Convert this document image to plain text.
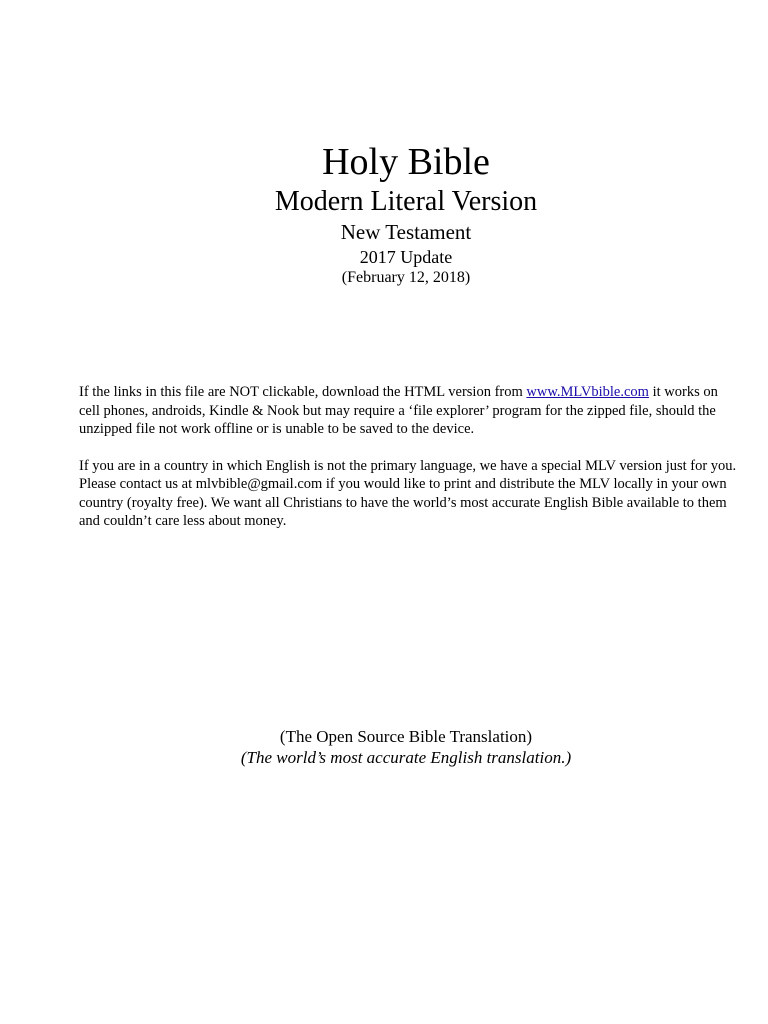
Holy Bible
Modern Literal Version
New Testament
2017 Update
(February 12, 2018)

If the links in this file are NOT clickable, download the HTML version from www.MLVbible.com it works on cell phones, androids, Kindle & Nook but may require a ‘file explorer’ program for the zipped file, should the unzipped file not work offline or is unable to be saved to the device.

If you are in a country in which English is not the primary language, we have a special MLV version just for you. Please contact us at mlvbible@gmail.com if you would like to print and distribute the MLV locally in your own country (royalty free). We want all Christians to have the world’s most accurate English Bible available to them and couldn’t care less about money.

(The Open Source Bible Translation)
(The world’s most accurate English translation.)
